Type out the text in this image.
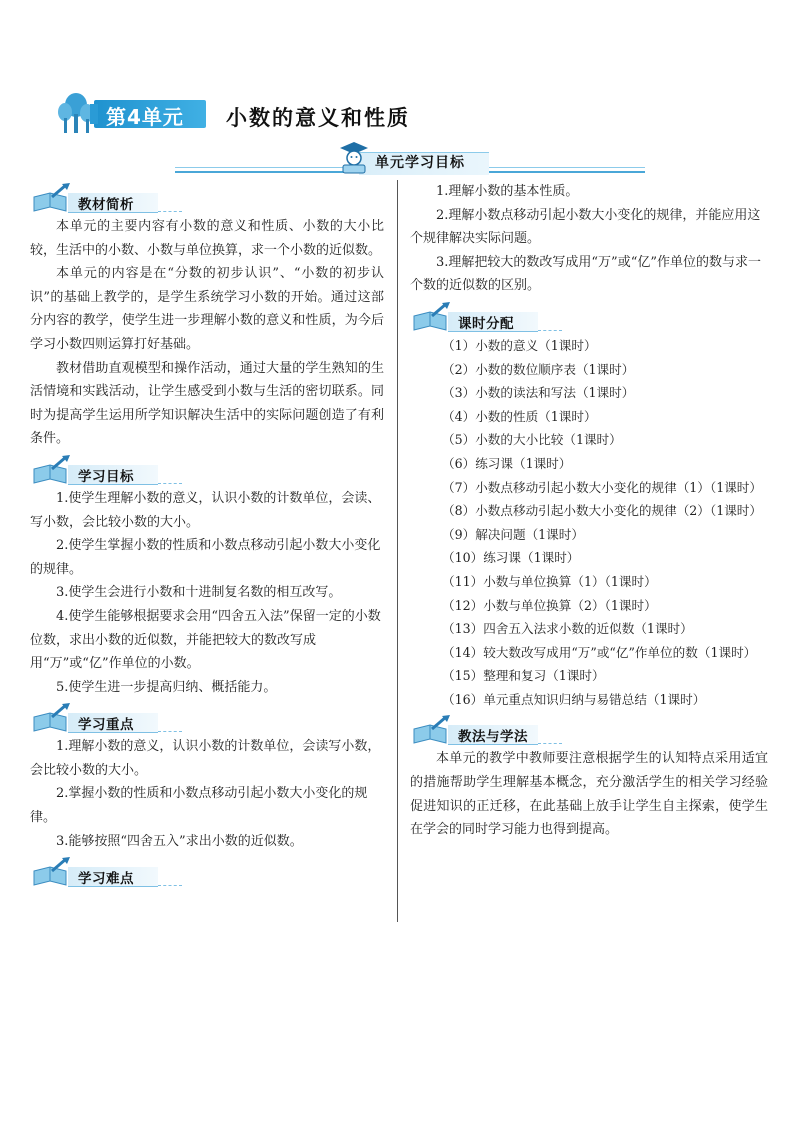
第4单元 小数的意义和性质
单元学习目标
教材简析

本单元的主要内容有小数的意义和性质、小数的大小比较，生活中的小数、小数与单位换算，求一个小数的近似数。

本单元的内容是在“分数的初步认识”、“小数的初步认识”的基础上教学的，是学生系统学习小数的开始。通过这部分内容的教学，使学生进一步理解小数的意义和性质，为今后学习小数四则运算打好基础。

教材借助直观模型和操作活动，通过大量的学生熟知的生活情境和实践活动，让学生感受到小数与生活的密切联系。同时为提高学生运用所学知识解决生活中的实际问题创造了有利条件。

学习目标

1.使学生理解小数的意义，认识小数的计数单位，会读、写小数，会比较小数的大小。

2.使学生掌握小数的性质和小数点移动引起小数大小变化的规律。

3.使学生会进行小数和十进制复名数的相互改写。

4.使学生能够根据要求会用“四舍五入法”保留一定的小数位数，求出小数的近似数，并能把较大的数改写成用“万”或“亿”作单位的小数。

5.使学生进一步提高归纳、概括能力。

学习重点

1.理解小数的意义，认识小数的计数单位，会读写小数，会比较小数的大小。

2.掌握小数的性质和小数点移动引起小数大小变化的规律。

3.能够按照“四舍五入”求出小数的近似数。

学习难点

1.理解小数的基本性质。

2.理解小数点移动引起小数大小变化的规律，并能应用这个规律解决实际问题。

3.理解把较大的数改写成用“万”或“亿”作单位的数与求一个数的近似数的区别。

课时分配

（1）小数的意义（1课时）

（2）小数的数位顺序表（1课时）

（3）小数的读法和写法（1课时）

（4）小数的性质（1课时）

（5）小数的大小比较（1课时）

（6）练习课（1课时）

（7）小数点移动引起小数大小变化的规律（1）（1课时）

（8）小数点移动引起小数大小变化的规律（2）（1课时）

（9）解决问题（1课时）

（10）练习课（1课时）

（11）小数与单位换算（1）（1课时）

（12）小数与单位换算（2）（1课时）

（13）四舍五入法求小数的近似数（1课时）

（14）较大数改写成用“万”或“亿”作单位的数（1课时）

（15）整理和复习（1课时）

（16）单元重点知识归纳与易错总结（1课时）

教法与学法

本单元的教学中教师要注意根据学生的认知特点采用适宜的措施帮助学生理解基本概念，充分激活学生的相关学习经验促进知识的正迁移，在此基础上放手让学生自主探索，使学生在学会的同时学习能力也得到提高。
